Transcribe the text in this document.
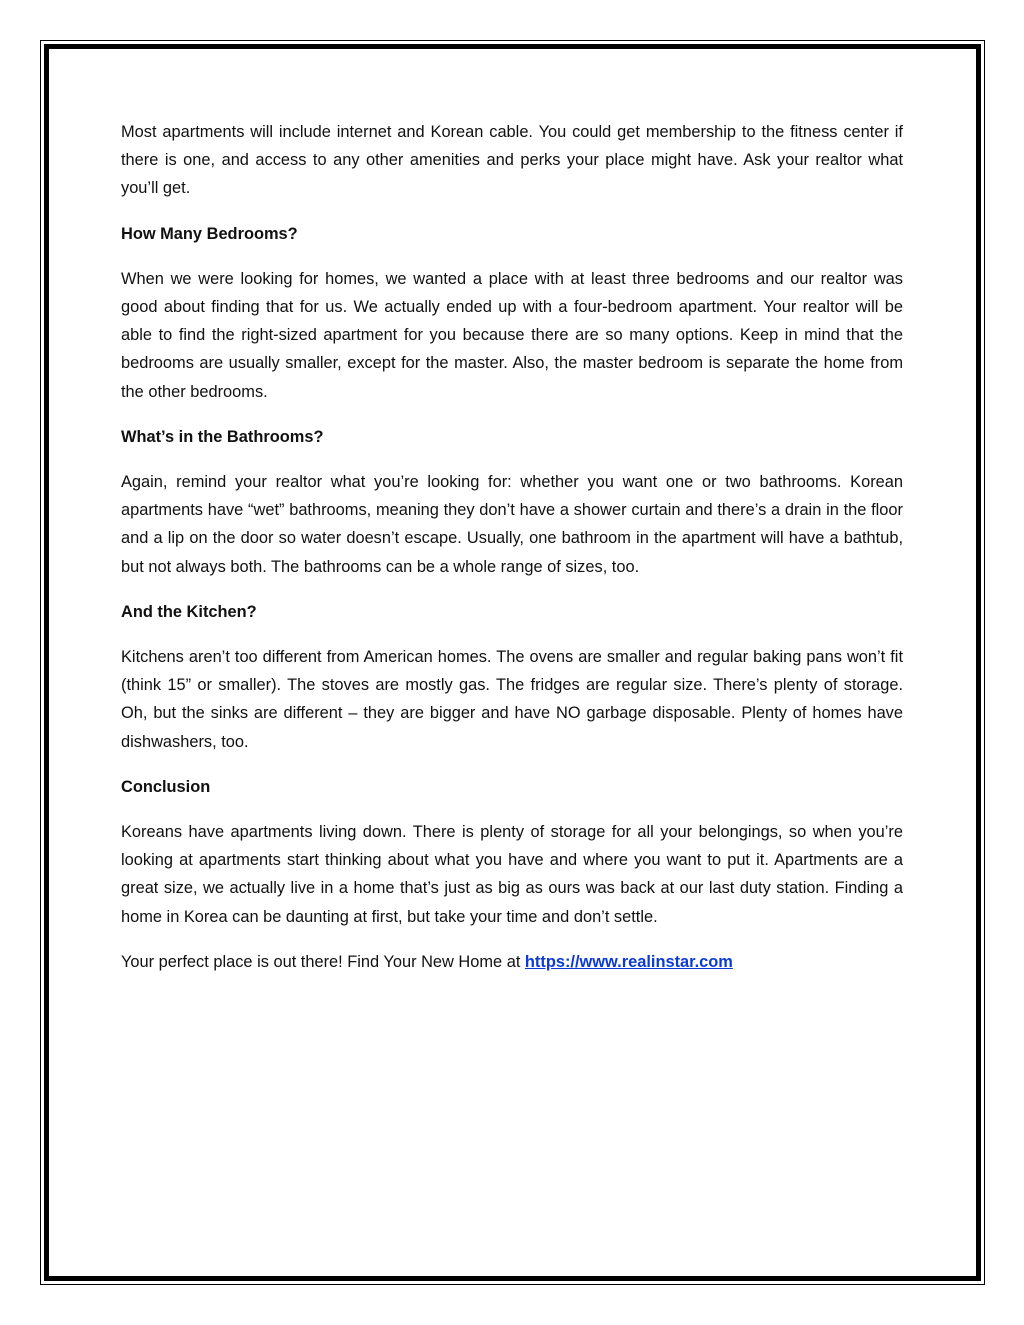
Most apartments will include internet and Korean cable. You could get membership to the fitness center if there is one, and access to any other amenities and perks your place might have. Ask your realtor what you’ll get.

How Many Bedrooms?

When we were looking for homes, we wanted a place with at least three bedrooms and our realtor was good about finding that for us. We actually ended up with a four-bedroom apartment. Your realtor will be able to find the right-sized apartment for you because there are so many options. Keep in mind that the bedrooms are usually smaller, except for the master. Also, the master bedroom is separate the home from the other bedrooms.

What’s in the Bathrooms?

Again, remind your realtor what you’re looking for: whether you want one or two bathrooms. Korean apartments have “wet” bathrooms, meaning they don’t have a shower curtain and there’s a drain in the floor and a lip on the door so water doesn’t escape. Usually, one bathroom in the apartment will have a bathtub, but not always both. The bathrooms can be a whole range of sizes, too.

And the Kitchen?

Kitchens aren’t too different from American homes. The ovens are smaller and regular baking pans won’t fit (think 15” or smaller). The stoves are mostly gas. The fridges are regular size. There’s plenty of storage. Oh, but the sinks are different – they are bigger and have NO garbage disposable. Plenty of homes have dishwashers, too.

Conclusion

Koreans have apartments living down. There is plenty of storage for all your belongings, so when you’re looking at apartments start thinking about what you have and where you want to put it. Apartments are a great size, we actually live in a home that’s just as big as ours was back at our last duty station. Finding a home in Korea can be daunting at first, but take your time and don’t settle.

Your perfect place is out there! Find Your New Home at https://www.realinstar.com
